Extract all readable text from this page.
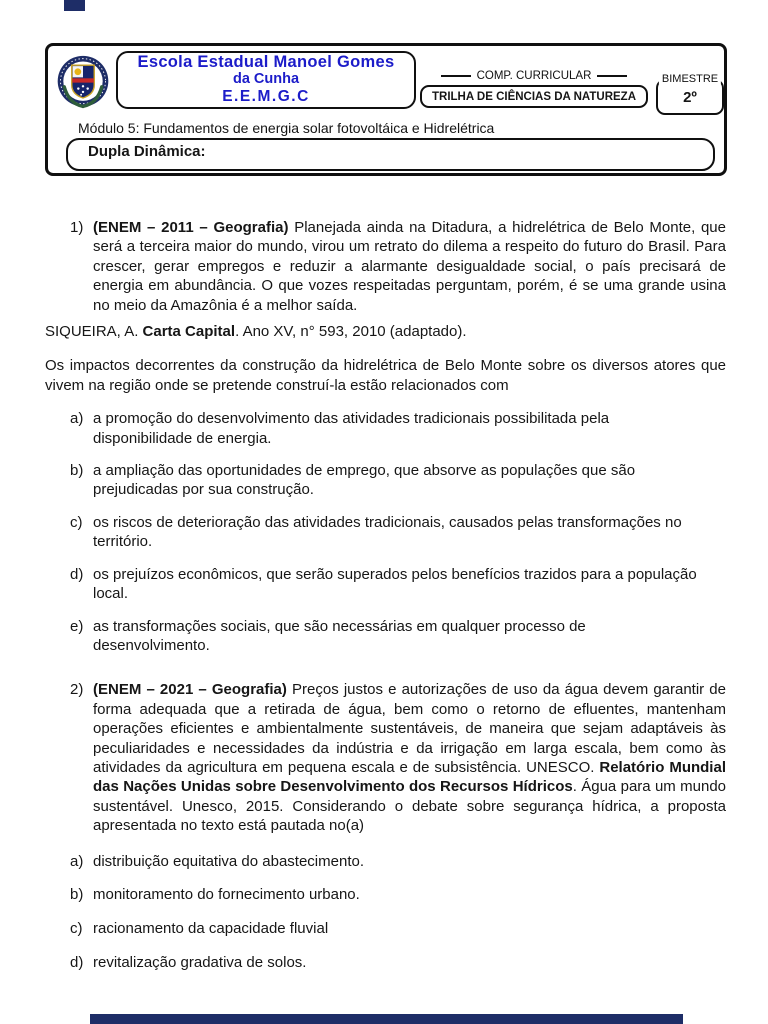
Escola Estadual Manoel Gomes
da Cunha
E.E.M.G.C
COMP. CURRICULAR
TRILHA DE CIÊNCIAS DA NATUREZA
BIMESTRE
2º
Módulo 5: Fundamentos de energia solar fotovoltáica e Hidrelétrica
Dupla Dinâmica:
1) (ENEM – 2011 – Geografia) Planejada ainda na Ditadura, a hidrelétrica de Belo Monte, que será a terceira maior do mundo, virou um retrato do dilema a respeito do futuro do Brasil. Para crescer, gerar empregos e reduzir a alarmante desigualdade social, o país precisará de energia em abundância. O que vozes respeitadas perguntam, porém, é se uma grande usina no meio da Amazônia é a melhor saída.
SIQUEIRA, A. Carta Capital. Ano XV, n° 593, 2010 (adaptado).
Os impactos decorrentes da construção da hidrelétrica de Belo Monte sobre os diversos atores que vivem na região onde se pretende construí-la estão relacionados com
a) a promoção do desenvolvimento das atividades tradicionais possibilitada pela
disponibilidade de energia.
b) a ampliação das oportunidades de emprego, que absorve as populações que são
prejudicadas por sua construção.
c) os riscos de deterioração das atividades tradicionais, causados pelas transformações no
território.
d) os prejuízos econômicos, que serão superados pelos benefícios trazidos para a população
local.
e) as transformações sociais, que são necessárias em qualquer processo de
desenvolvimento.
2) (ENEM – 2021 – Geografia) Preços justos e autorizações de uso da água devem garantir de forma adequada que a retirada de água, bem como o retorno de efluentes, mantenham operações eficientes e ambientalmente sustentáveis, de maneira que sejam adaptáveis às peculiaridades e necessidades da indústria e da irrigação em larga escala, bem como às atividades da agricultura em pequena escala e de subsistência. UNESCO. Relatório Mundial das Nações Unidas sobre Desenvolvimento dos Recursos Hídricos. Água para um mundo sustentável. Unesco, 2015. Considerando o debate sobre segurança hídrica, a proposta apresentada no texto está pautada no(a)
a) distribuição equitativa do abastecimento.
b) monitoramento do fornecimento urbano.
c) racionamento da capacidade fluvial
d) revitalização gradativa de solos.
